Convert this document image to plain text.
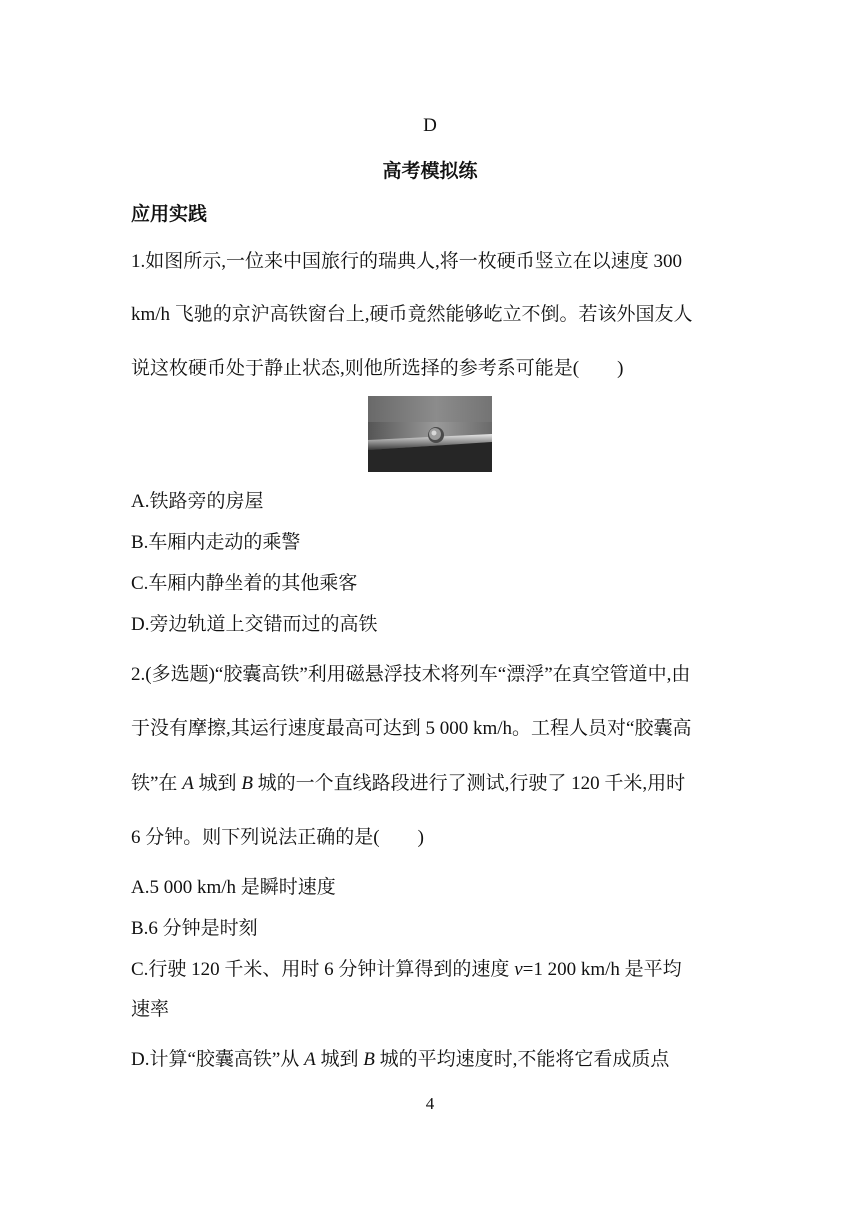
D
高考模拟练
应用实践
1.如图所示,一位来中国旅行的瑞典人,将一枚硬币竖立在以速度 300
km/h 飞驰的京沪高铁窗台上,硬币竟然能够屹立不倒。若该外国友人
说这枚硬币处于静止状态,则他所选择的参考系可能是(　　)
A.铁路旁的房屋
B.车厢内走动的乘警
C.车厢内静坐着的其他乘客
D.旁边轨道上交错而过的高铁
2.(多选题)“胶囊高铁”利用磁悬浮技术将列车“漂浮”在真空管道中,由
于没有摩擦,其运行速度最高可达到 5 000 km/h。工程人员对“胶囊高
铁”在 A 城到 B 城的一个直线路段进行了测试,行驶了 120 千米,用时
6 分钟。则下列说法正确的是(　　)
A.5 000 km/h 是瞬时速度
B.6 分钟是时刻
C.行驶 120 千米、用时 6 分钟计算得到的速度 v=1 200 km/h 是平均
速率
D.计算“胶囊高铁”从 A 城到 B 城的平均速度时,不能将它看成质点
4
